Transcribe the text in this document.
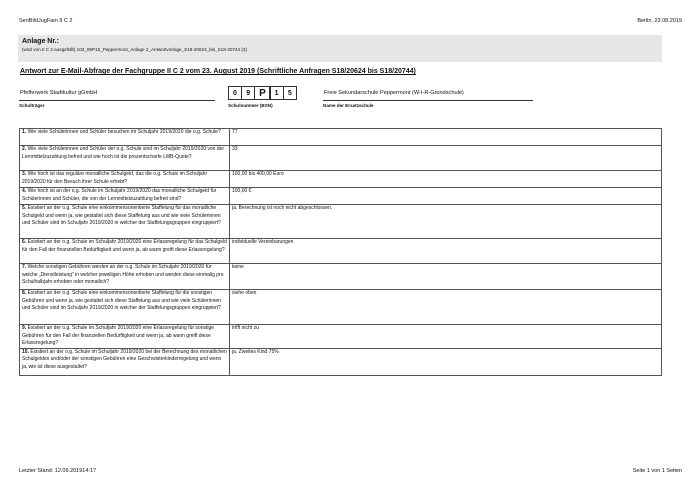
SenBildJugFam II C 2	Berlin, 23.08.2019
Anlage Nr.:
(wird von II C 2 ausgefüllt) 103_09P15_Peppermont_Anlage 2_Antwortvorlage_S18-20624_bis_S18-20744 (3)
Antwort zur E-Mail-Abfrage der Fachgruppe II C 2 vom 23. August 2019 (Schriftliche Anfragen S18/20624 bis S18/20744)
Pfefferwerk Stadtkultur gGmbH
Schulträger
0	9 P	1	5
Schulnummer (BSN)
Freie Sekundarschule Peppermont (W-I-R-Grundschule)
Name der Ersatzschule
1. Wie viele Schülerinnen und Schüler besuchen im Schuljahr 2019/2020 die o.g. Schule?	77
2. Wie viele Schülerinnen und Schüler der o.g. Schule sind im Schuljahr 2019/2020 von der Lernmittelzuzahlung befreit und wie hoch ist die prozentscharfe LMB-Quote?	33
3. Wie hoch ist das reguläre monatliche Schulgeld, das die o.g. Schule im Schuljahr 2019/2020 für den Besuch ihrer Schule erhebt?	100,00 bis 400,00 Euro
4. Wie hoch ist an der o.g. Schule im Schuljahr 2019/2020 das monatliche Schulgeld für Schülerinnen und Schüler, die von der Lernmittelzuzahlung befreit sind?	100,00 €
5. Existiert an der o.g. Schule eine einkommensorientierte Staffelung für das monatliche Schulgeld und wenn ja, wie gestaltet sich diese Staffelung aus und wie viele Schülerinnen und Schüler sind im Schuljahr 2019/2020 in welcher der Staffelungsgruppen eingruppiert?	ja. Berechnung ist noch nicht abgeschlossen.
6. Existiert an der o.g. Schule im Schuljahr 2019/2020 eine Erlassregelung für das Schulgeld für den Fall der finanziellen Bedürftigkeit und wenn ja, ab wann greift diese Erlassregelung?	individuelle Vereinbarungen
7. Welche sonstigen Gebühren werden an der o.g. Schule im Schuljahr 2019/2020 für welche „Dienstleistung“ in welcher jeweiligen Höhe erhoben und werden diese einmalig pro Schulhalbjahr erhoben oder monatlich?	keine
8. Existiert an der o.g. Schule eine einkommensorientierte Staffelung für die sonstigen Gebühren und wenn ja, wie gestaltet sich diese Staffelung aus und wie viele Schülerinnen und Schüler sind im Schuljahr 2019/2020 in welcher der Staffelungsgruppen eingruppiert?	siehe oben
9. Existiert an der o.g. Schule im Schuljahr 2019/2020 eine Erlassregelung für sonstige Gebühren für den Fall der finanziellen Bedürftigkeit und wenn ja, ab wann greift diese Erlassregelung?	trifft nicht zu
10. Existiert an der o.g. Schule im Schuljahr 2019/2020 bei der Berechnung des monatlichen Schulgeldes und/oder der sonstigen Gebühren eine Geschwisterkinderregelung und wenn ja, wie ist diese ausgestaltet?	ja. Zweites Kind 75%
Letzter Stand: 12.09.201914:17	Seite 1 von 1 Seiten
